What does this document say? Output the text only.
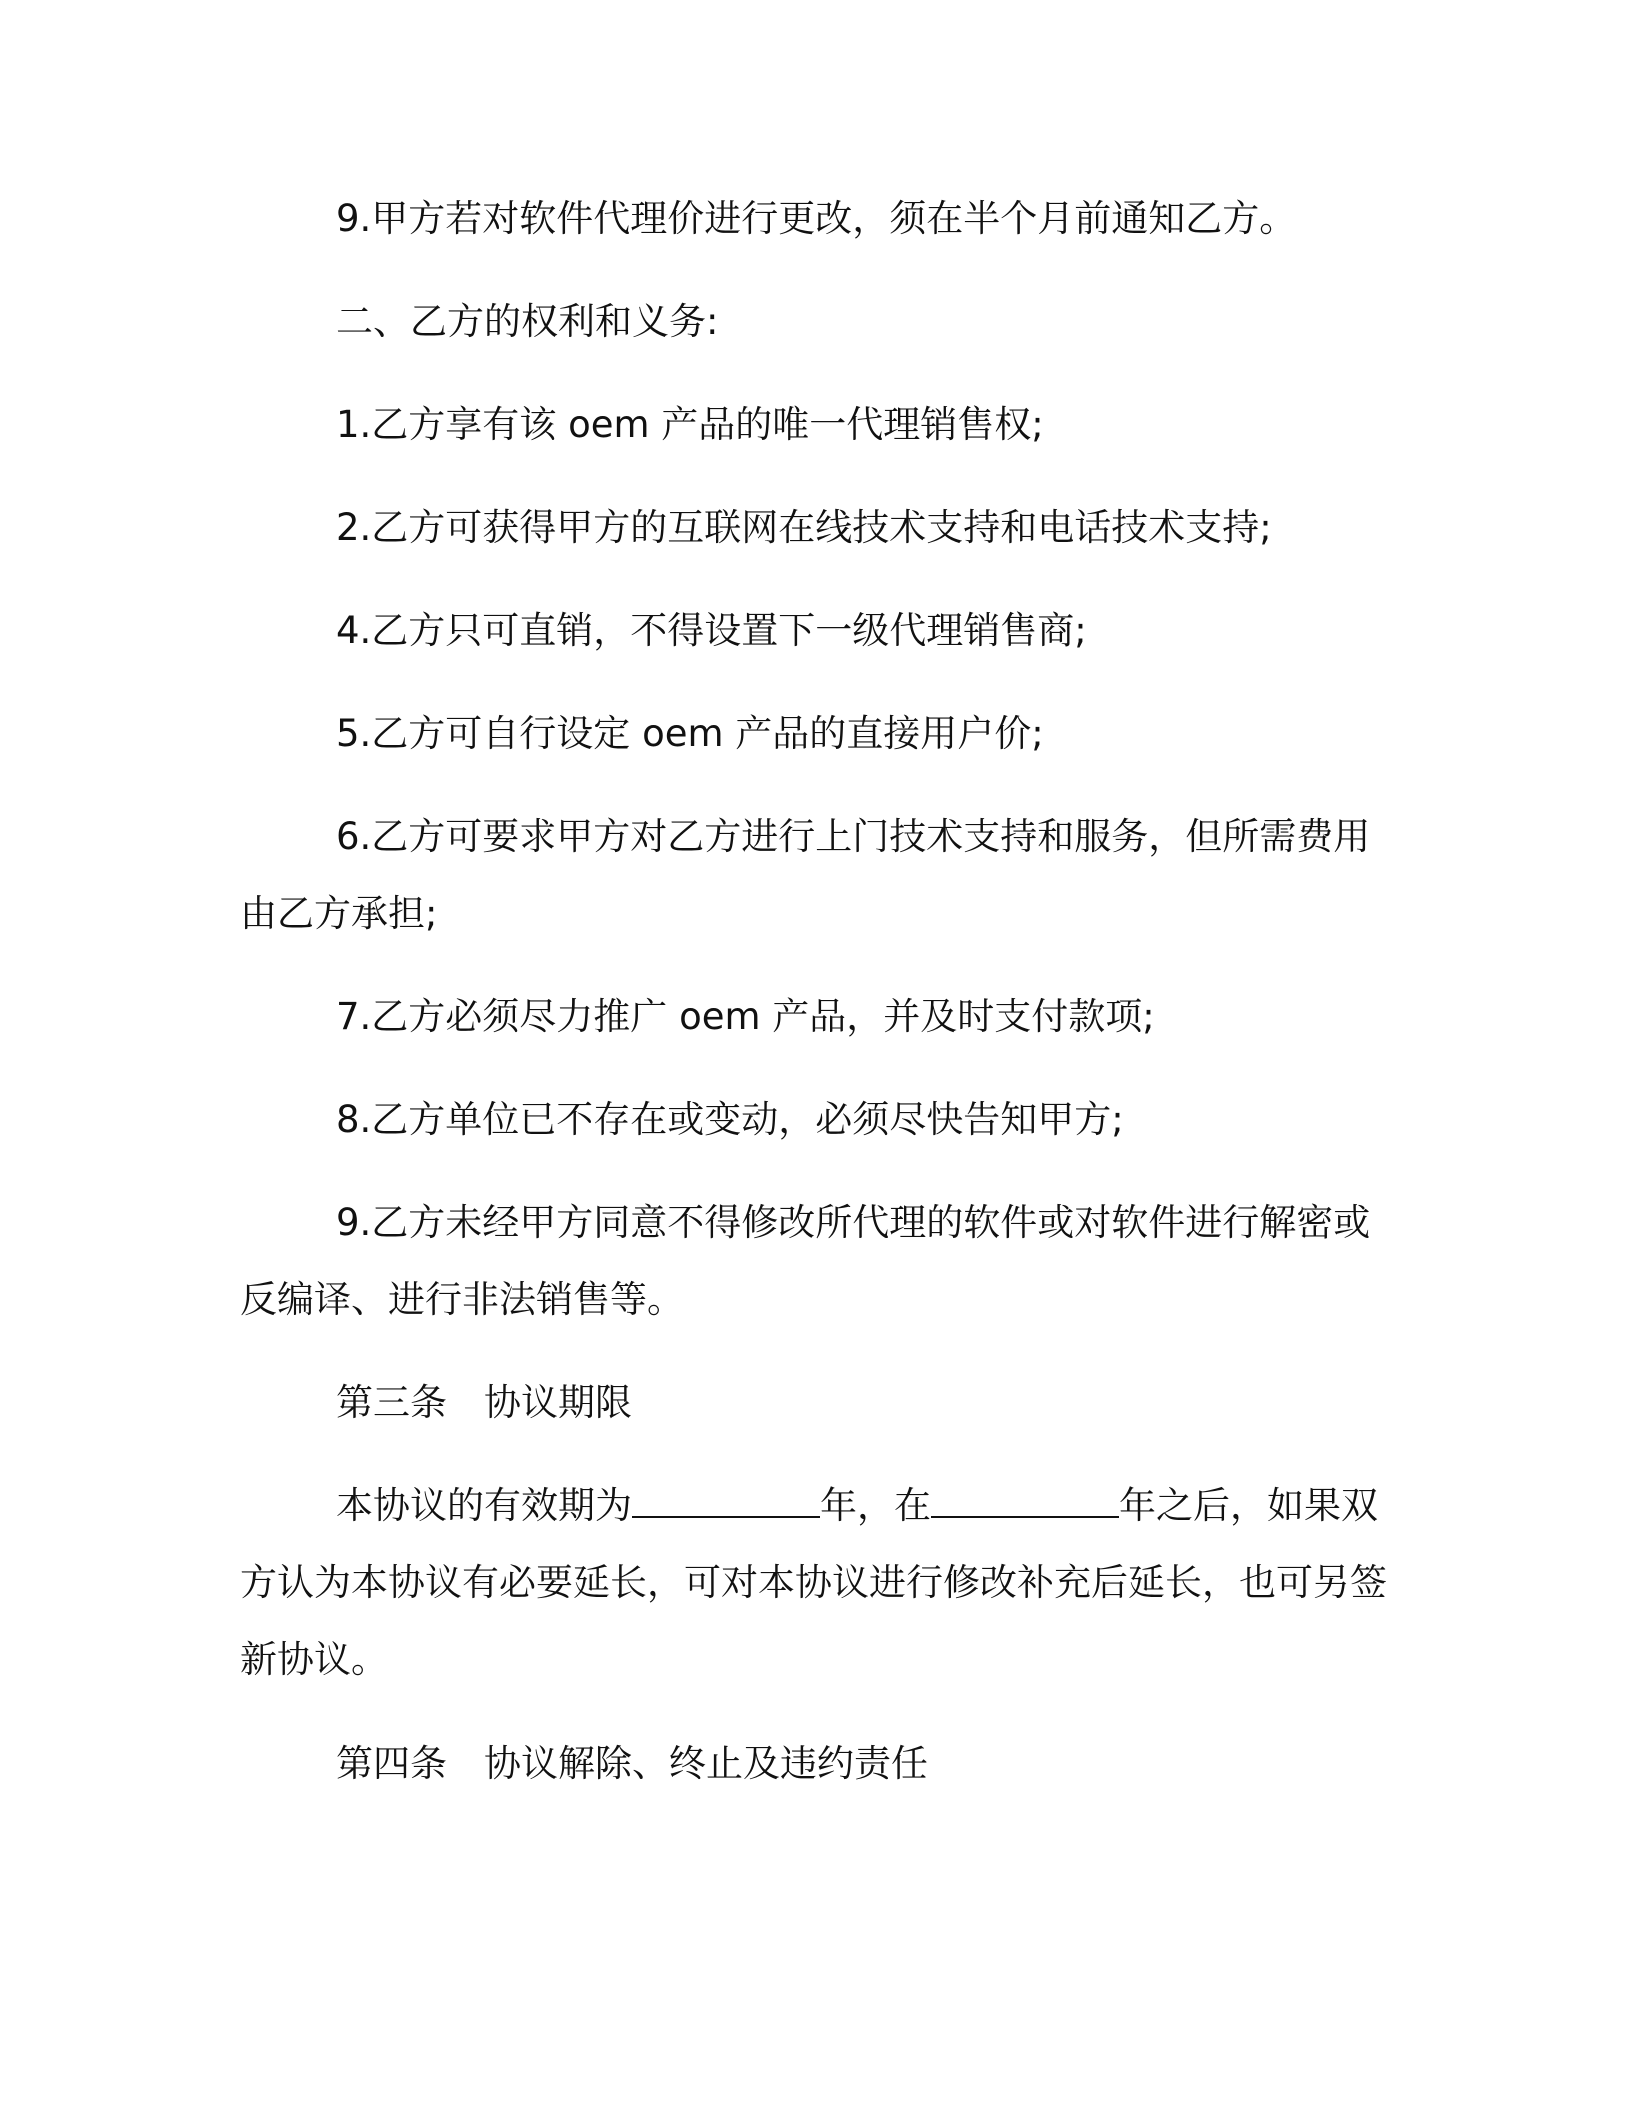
9.甲方若对软件代理价进行更改，须在半个月前通知乙方。

二、乙方的权利和义务:

1.乙方享有该 oem 产品的唯一代理销售权;

2.乙方可获得甲方的互联网在线技术支持和电话技术支持;

4.乙方只可直销，不得设置下一级代理销售商;

5.乙方可自行设定 oem 产品的直接用户价;

6.乙方可要求甲方对乙方进行上门技术支持和服务，但所需费用由乙方承担;

7.乙方必须尽力推广 oem 产品，并及时支付款项;

8.乙方单位已不存在或变动，必须尽快告知甲方;

9.乙方未经甲方同意不得修改所代理的软件或对软件进行解密或反编译、进行非法销售等。

第三条　协议期限

本协议的有效期为	年，在	年之后，如果双方认为本协议有必要延长，可对本协议进行修改补充后延长，也可另签新协议。

第四条　协议解除、终止及违约责任
